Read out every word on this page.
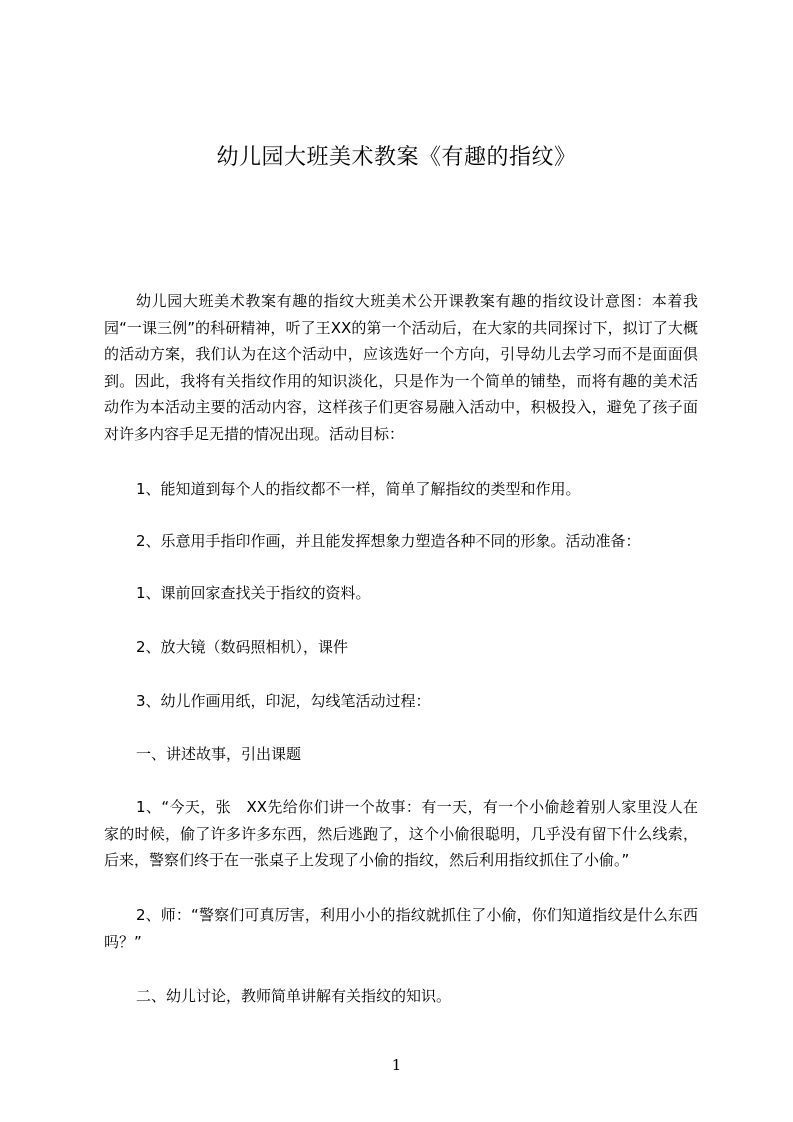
幼儿园大班美术教案《有趣的指纹》

幼儿园大班美术教案有趣的指纹大班美术公开课教案有趣的指纹设计意图：本着我园“一课三例”的科研精神，听了王XX的第一个活动后，在大家的共同探讨下，拟订了大概的活动方案，我们认为在这个活动中，应该选好一个方向，引导幼儿去学习而不是面面俱到。因此，我将有关指纹作用的知识淡化，只是作为一个简单的铺垫，而将有趣的美术活动作为本活动主要的活动内容，这样孩子们更容易融入活动中，积极投入，避免了孩子面对许多内容手足无措的情况出现。活动目标：

1、能知道到每个人的指纹都不一样，简单了解指纹的类型和作用。
2、乐意用手指印作画，并且能发挥想象力塑造各种不同的形象。活动准备：
1、课前回家查找关于指纹的资料。
2、放大镜（数码照相机），课件
3、幼儿作画用纸，印泥，勾线笔活动过程：
一、讲述故事，引出课题

1、“今天，张　XX先给你们讲一个故事：有一天，有一个小偷趁着别人家里没人在家的时候，偷了许多许多东西，然后逃跑了，这个小偷很聪明，几乎没有留下什么线索，后来，警察们终于在一张桌子上发现了小偷的指纹，然后利用指纹抓住了小偷。”

2、师：“警察们可真厉害，利用小小的指纹就抓住了小偷，你们知道指纹是什么东西吗？”

二、幼儿讨论，教师简单讲解有关指纹的知识。
1
